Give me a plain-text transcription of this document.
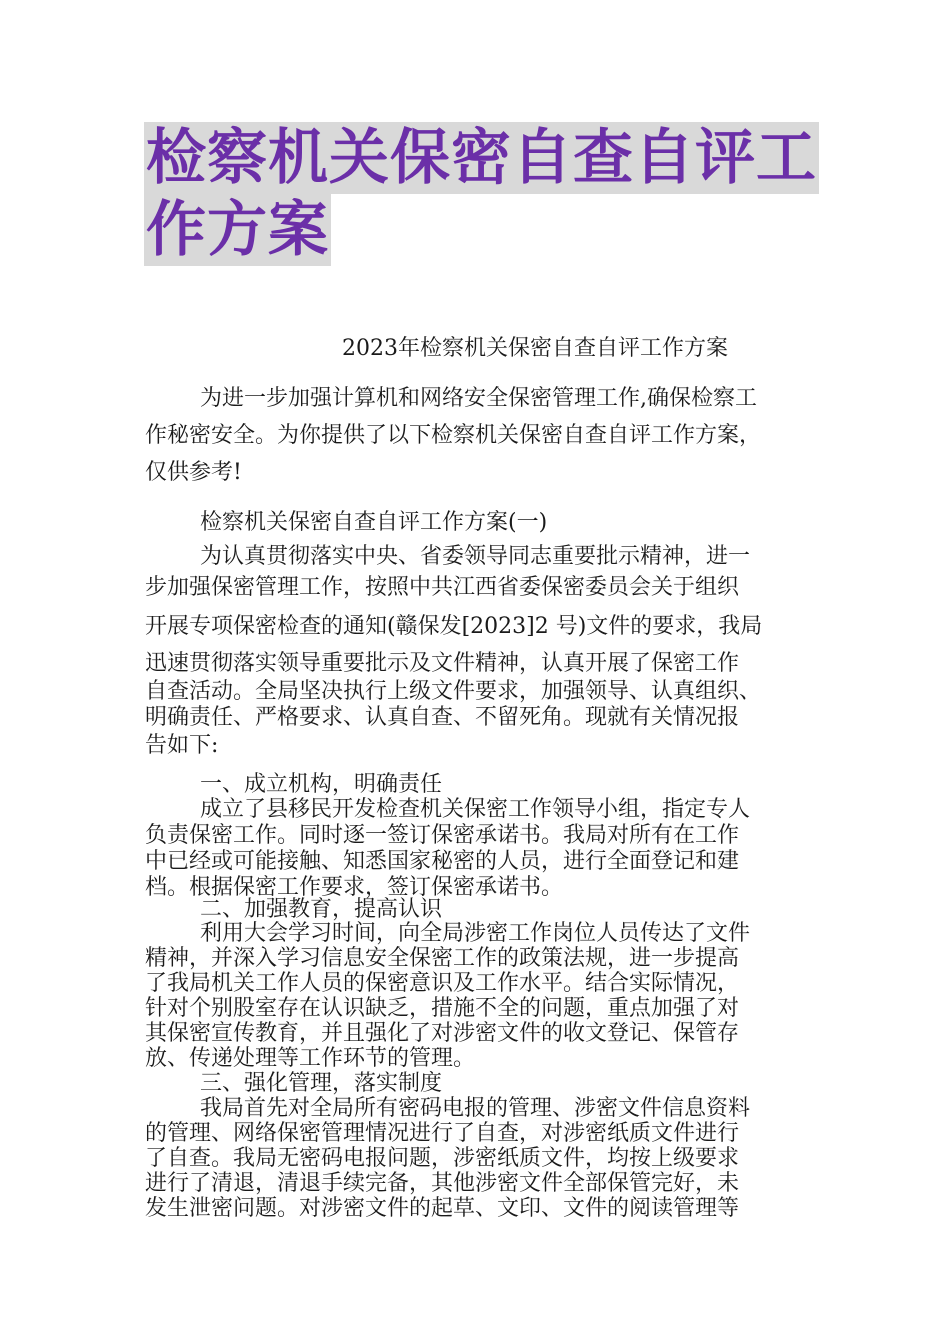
检察机关保密自查自评工
作方案
2023年检察机关保密自查自评工作方案
为进一步加强计算机和网络安全保密管理工作,确保检察工
作秘密安全。为你提供了以下检察机关保密自查自评工作方案，
仅供参考!
检察机关保密自查自评工作方案(一)
为认真贯彻落实中央、省委领导同志重要批示精神，进一
步加强保密管理工作，按照中共江西省委保密委员会关于组织
开展专项保密检查的通知(赣保发[2023]2 号)文件的要求，我局
迅速贯彻落实领导重要批示及文件精神，认真开展了保密工作
自查活动。全局坚决执行上级文件要求，加强领导、认真组织、
明确责任、严格要求、认真自查、不留死角。现就有关情况报
告如下:
一、成立机构，明确责任
成立了县移民开发检查机关保密工作领导小组，指定专人
负责保密工作。同时逐一签订保密承诺书。我局对所有在工作
中已经或可能接触、知悉国家秘密的人员，进行全面登记和建
档。根据保密工作要求，签订保密承诺书。
二、加强教育，提高认识
利用大会学习时间，向全局涉密工作岗位人员传达了文件
精神，并深入学习信息安全保密工作的政策法规，进一步提高
了我局机关工作人员的保密意识及工作水平。结合实际情况，
针对个别股室存在认识缺乏，措施不全的问题，重点加强了对
其保密宣传教育，并且强化了对涉密文件的收文登记、保管存
放、传递处理等工作环节的管理。
三、强化管理，落实制度
我局首先对全局所有密码电报的管理、涉密文件信息资料
的管理、网络保密管理情况进行了自查，对涉密纸质文件进行
了自查。我局无密码电报问题，涉密纸质文件，均按上级要求
进行了清退，清退手续完备，其他涉密文件全部保管完好，未
发生泄密问题。对涉密文件的起草、文印、文件的阅读管理等
